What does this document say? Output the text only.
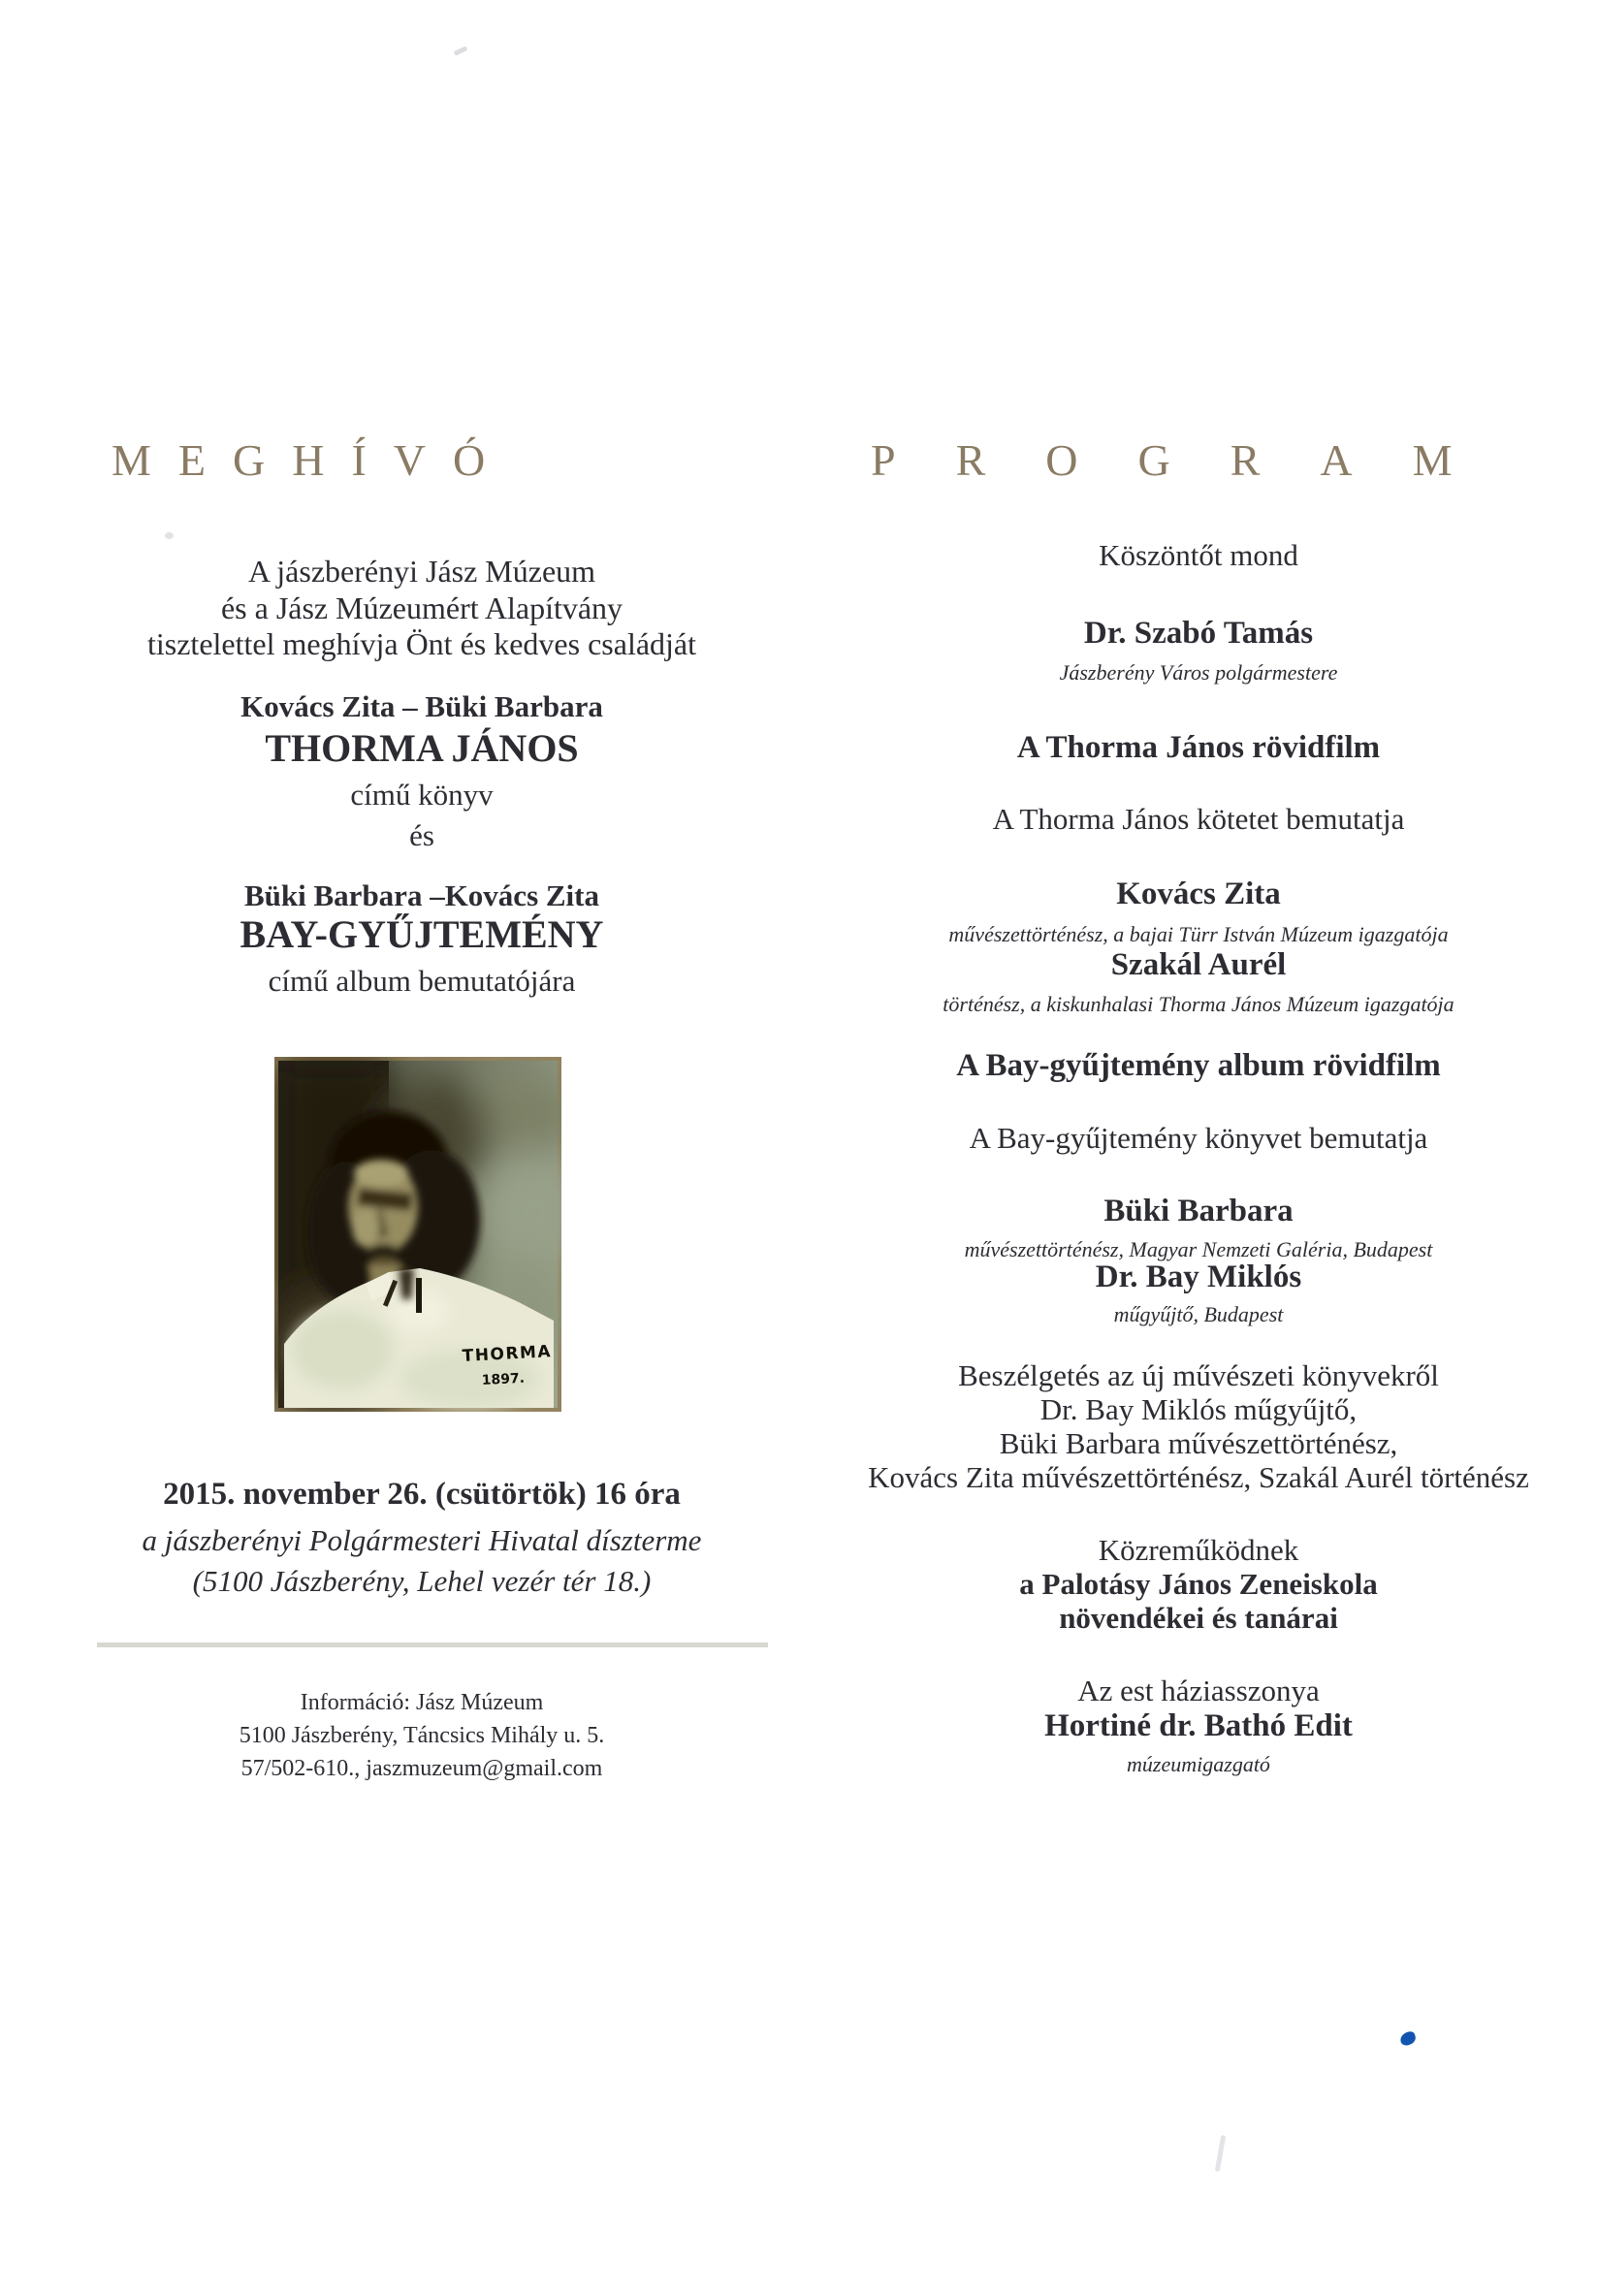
MEGHÍVÓ
A jászberényi Jász Múzeum
és a Jász Múzeumért Alapítvány
tisztelettel meghívja Önt és kedves családját
Kovács Zita – Büki Barbara
THORMA JÁNOS
című könyv
és
Büki Barbara –Kovács Zita
BAY-GYŰJTEMÉNY
című album bemutatójára
THORMA
1897.
2015. november 26. (csütörtök) 16 óra
a jászberényi Polgármesteri Hivatal díszterme
(5100 Jászberény, Lehel vezér tér 18.)
Információ: Jász Múzeum
5100 Jászberény, Táncsics Mihály u. 5.
57/502-610., jaszmuzeum@gmail.com
PROGRAM
Köszöntőt mond
Dr. Szabó Tamás
Jászberény Város polgármestere
A Thorma János rövidfilm
A Thorma János kötetet bemutatja
Kovács Zita
művészettörténész, a bajai Türr István Múzeum igazgatója
Szakál Aurél
történész, a kiskunhalasi Thorma János Múzeum igazgatója
A Bay-gyűjtemény album rövidfilm
A Bay-gyűjtemény könyvet bemutatja
Büki Barbara
művészettörténész, Magyar Nemzeti Galéria, Budapest
Dr. Bay Miklós
műgyűjtő, Budapest
Beszélgetés az új művészeti könyvekről
Dr. Bay Miklós műgyűjtő,
Büki Barbara művészettörténész,
Kovács Zita művészettörténész, Szakál Aurél történész
Közreműködnek
a Palotásy János Zeneiskola
növendékei és tanárai
Az est háziasszonya
Hortiné dr. Bathó Edit
múzeumigazgató
